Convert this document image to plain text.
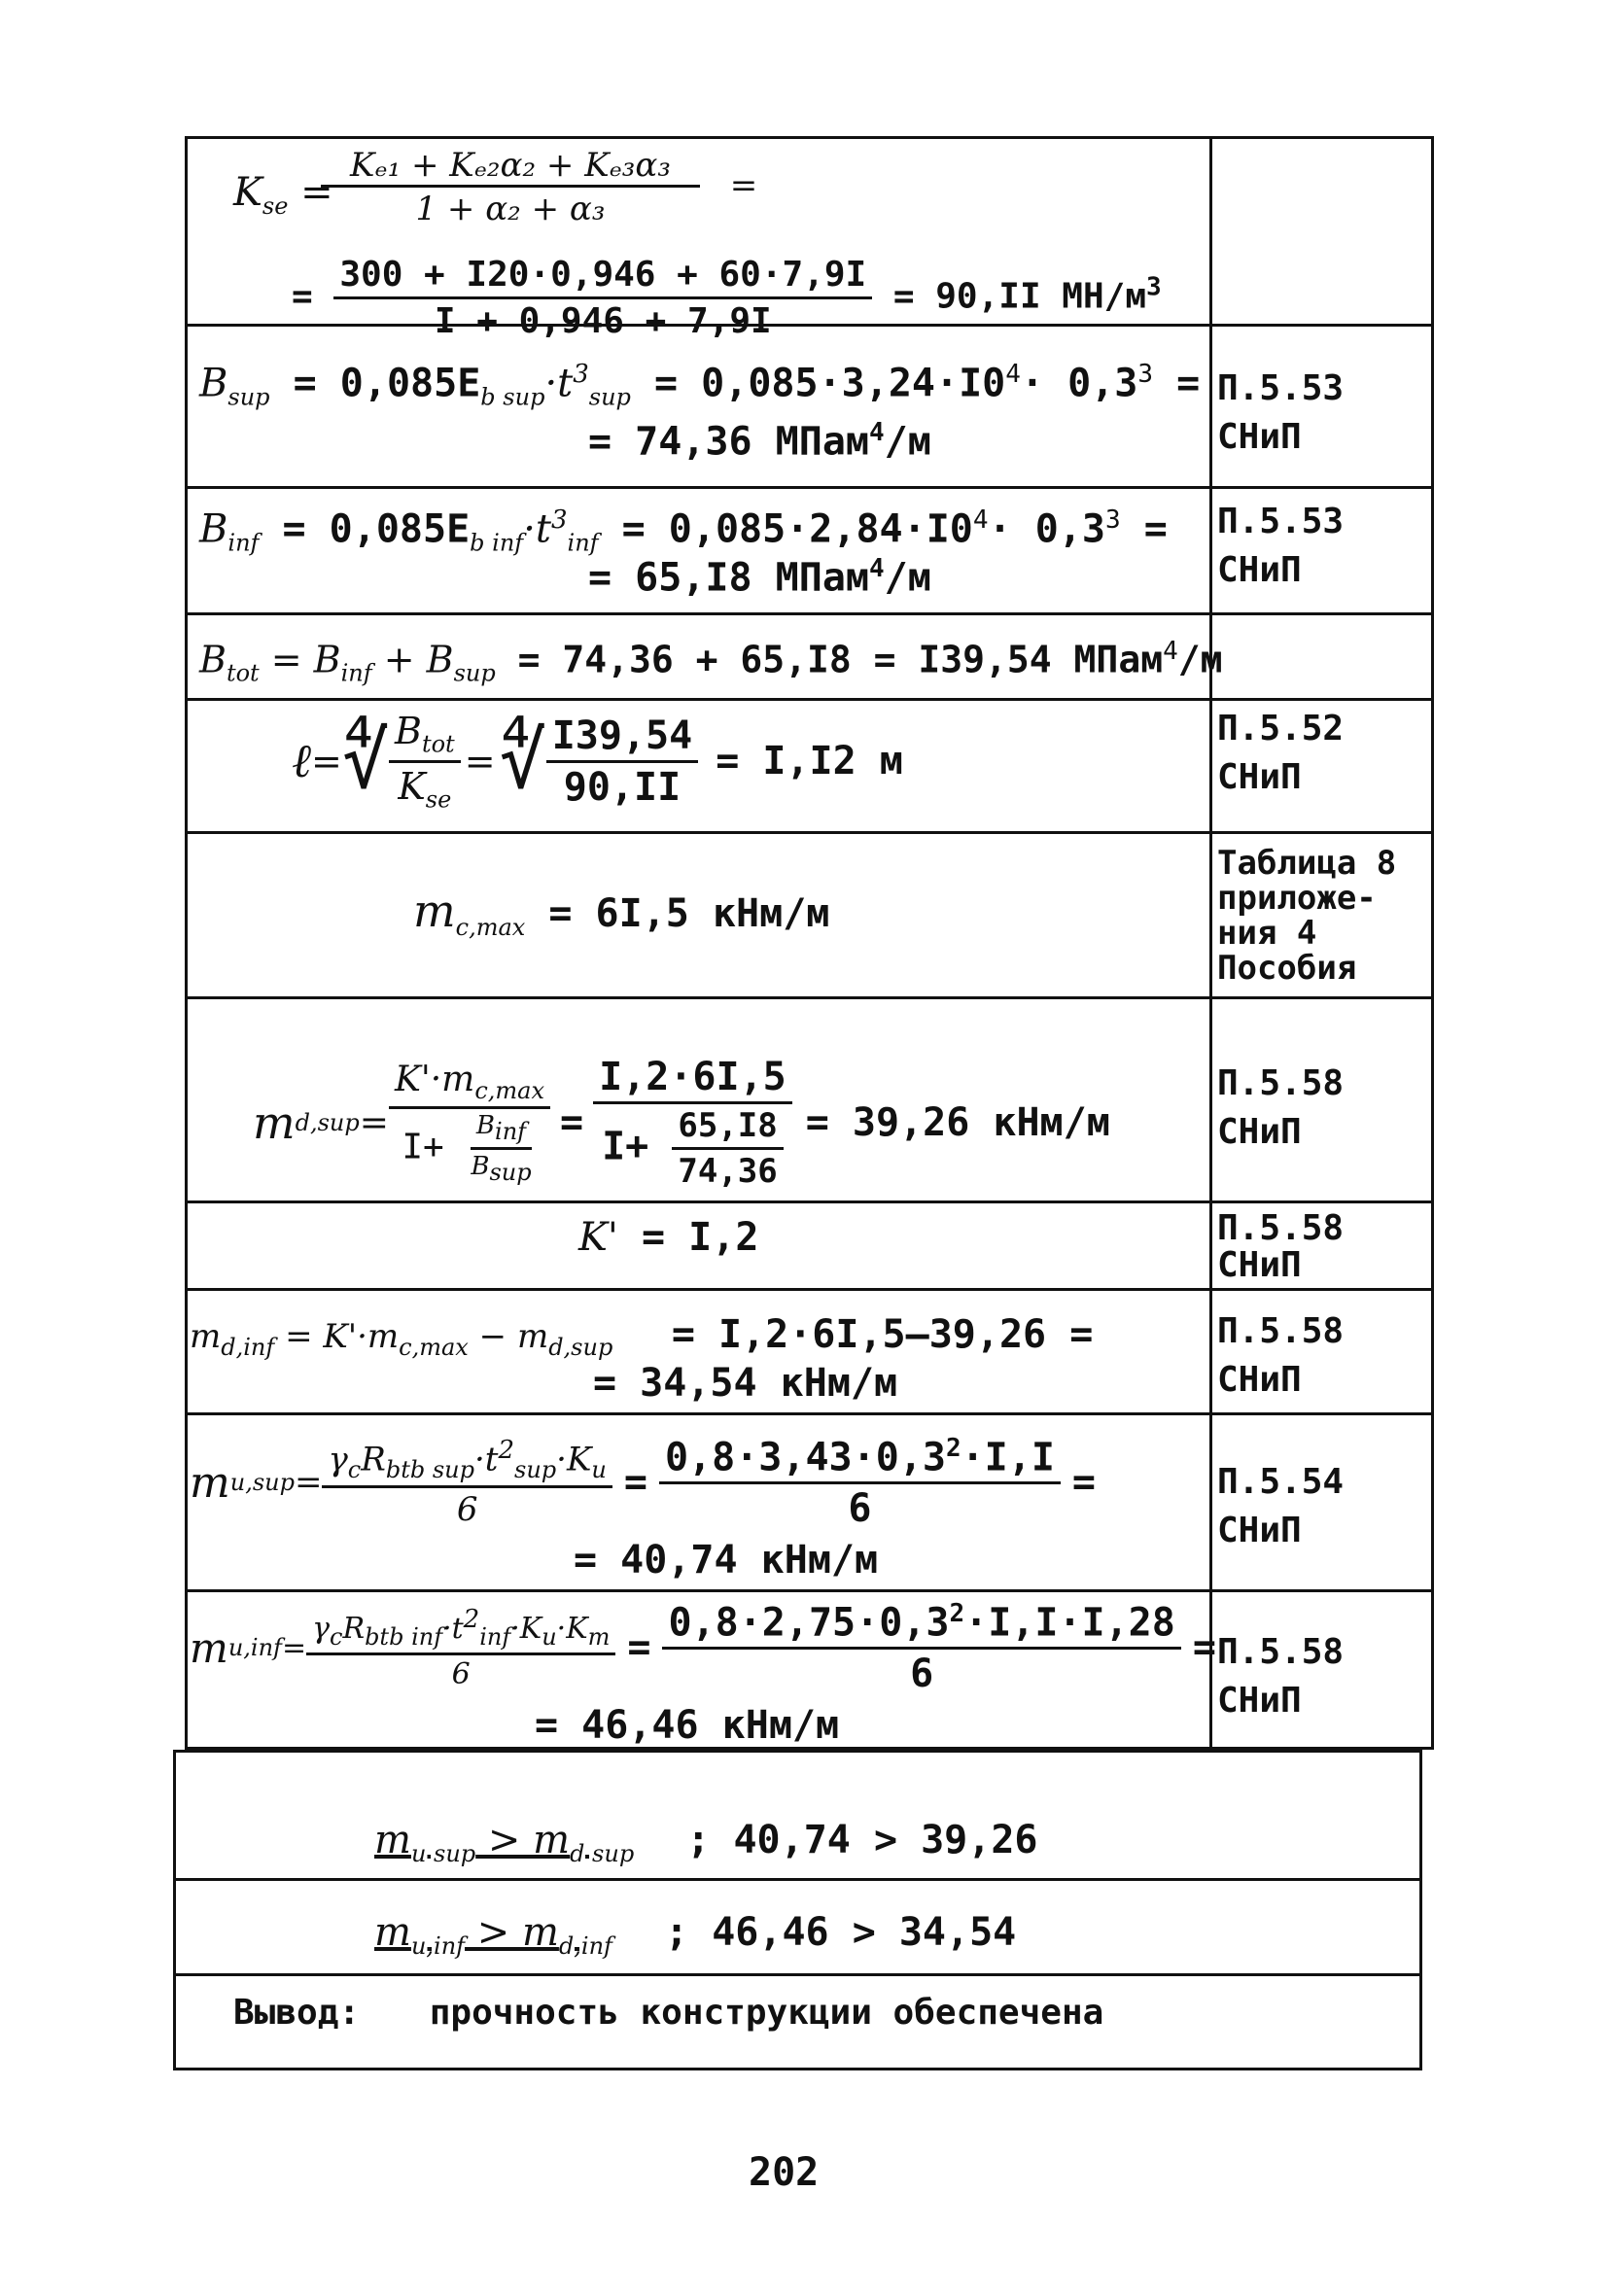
$K_{se}$ =
$\frac{\text{Kₑ₁ + Kₑ₂α₂ + Kₑ₃α₃}}{\text{1 + α₂ + α₃}}$ =
= $\frac{300 + I20\cdot 0,946 + 60\cdot 7,9I}{I + 0,946 + 7,9I} = 90,II$ $МН/м^3$
$B_{sup} = 0,085E_{b sup}\cdot t^3_{sup} = 0,085\cdot 3,24\cdot I0^4\cdot 0,3^3$ =
= 74,36 МПам$^4$/м
П.5.53
СНиП
$B_{inf} = 0,085E_{b inf}\cdot t^3_{inf} = 0,085\cdot 2,84\cdot I0^4\cdot 0,3^3$ =
= 65,I8 МПам$^4$/м
П.5.53
СНиП
$B_{tot} = B_{inf} + B_{sup} = 74,36 + 65,I8 = I39,54$ МПам$^4$/м
ℓ = ∜ $\frac{B_{tot}}{K_{se}}$ = ∜ $\frac{I39,54}{90,II} = I,I2$ м
П.5.52
СНиП
$m_{c,max} = 6I,5$ кНм/м
Таблица 8
приложе-
ния 4
Пособия
m $d,sup = \frac{K'\cdot m_{c,max}}{I+ \frac{B_{inf}}{B_{sup}}} = \frac{I,2\cdot 6I,5}{I+ \frac{65,I8}{74,36}} = 39,26$ кНм/м
П.5.58
СНиП
K' = I,2	П.5.58
СНиП
$m_{d,inf} = K'\cdot m_{c,max} - m_{d,sup} = I,2\cdot 6I,5-39,26$ =
= 34,54 кНм/м
П.5.58
СНиП
m $u,sup = \frac{\gamma_cR_{btb sup}\cdot t^2_{sup}\cdot K_u}{6} = \frac{0,8\cdot 3,43\cdot 0,3^2\cdot I,I}{6}$ =
= 40,74 кНм/м
П.5.54
СНиП
m $u,inf = \frac{\gamma_cR_{btb inf}\cdot t^2_{inf}\cdot K_u\cdot K_m}{6} = \frac{0,8\cdot 2,75\cdot 0,3^2\cdot I,I\cdot I,28}{6}$ =
= 46,46 кНм/м
П.5.58
СНиП
$m_{u sup} > m_{d sup}$ ; 40,74 > 39,26
$m_{u,inf} > m_{d,inf}$ ; 46,46 > 34,54
Вывод: прочность конструкции обеспечена
202
